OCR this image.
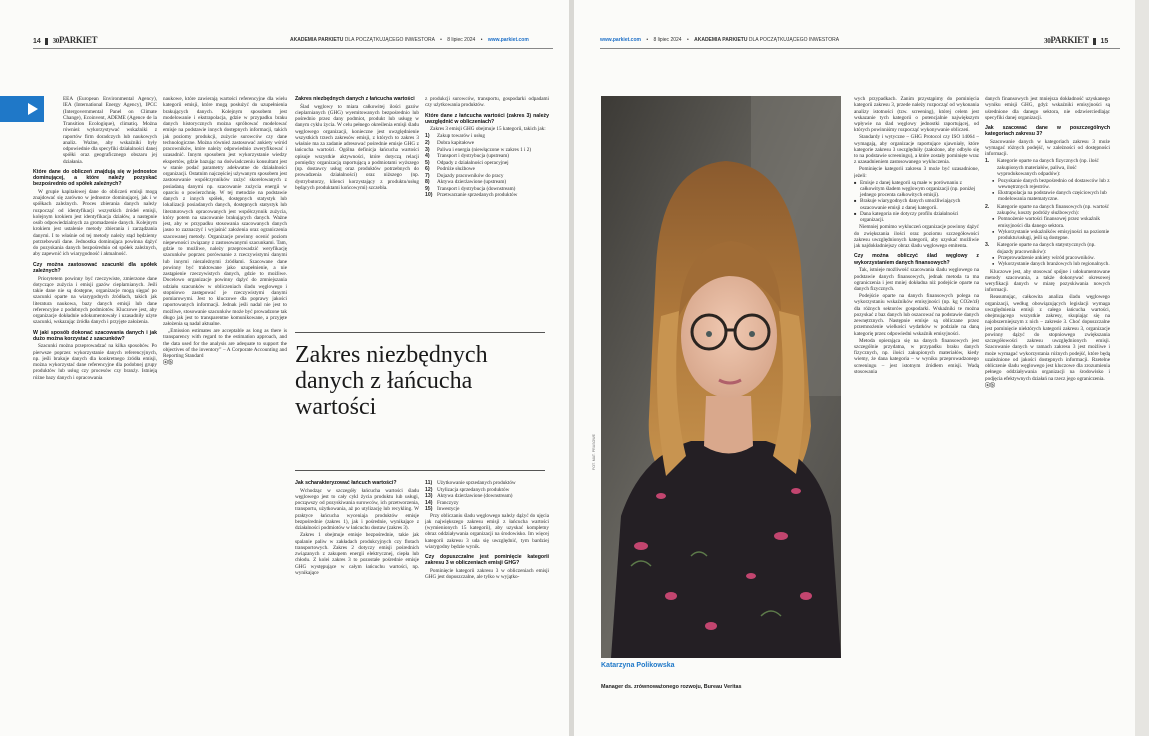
14 30PARKIET	AKADEMIA PARKIETU DLA POCZĄTKUJĄCEGO INWESTORA • 8 lipiec 2024 • www.parkiet.com

EEA (European Environmental Agency), IEA (International Energy Agency), IPCC (Intergovernmental Panel on Climate Change), Ecoinvent, ADEME (Agence de la Transition Ecologique), climatiq. Można również wykorzystywać wskaźniki z raportów firm doradczych lub naukowych analiz. Ważne, aby wskaźniki były odpowiednie dla specyfiki działalności danej spółki oraz geograficznego obszaru jej działania.

Które dane do obliczeń znajdują się w jednostce dominującej, a które należy pozyskać bezpośrednio od spółek zależnych?

W grupie kapitałowej dane do obliczeń emisji mogą znajdować się zarówno w jednostce dominującej, jak i w spółkach zależnych. Proces zbierania danych należy rozpocząć od identyfikacji wszystkich źródeł emisji, kolejnym krokiem jest identyfikacja działów, a następnie osób odpowiedzialnych za gromadzenie danych. Kolejnym krokiem jest ustalenie metody zbierania i zarządzania danymi. I to właśnie od tej metody należy stąd będziemy potrzebowali dane. Jednostka dominująca powinna dążyć do pozyskania danych bezpośrednio od spółek zależnych, aby zapewnić ich wiarygodność i aktualność.

Czy można zastosować szacunki dla spółek zależnych?

Priorytetem powinny być rzeczywiste, zmierzone dane dotyczące zużycia i emisji gazów cieplarnianych. Jeśli takie dane nie są dostępne, organizacje mogą sięgać po szacunki oparte na wiarygodnych źródłach, takich jak literatura naukowa, bazy danych emisji lub dane referencyjne z podobnych podmiotów. Kluczowe jest, aby organizacje dokładnie udokumentowały i uzasadniły użyte szacunki, wskazując źródła danych i przyjęte założenia.

W jaki sposób dokonać szacowania danych i jak dużo można korzystać z szacunków?

Szacunki można przeprowadzać na kilka sposobów. Po pierwsze poprzez wykorzystanie danych referencyjnych, np. jeśli brakuje danych dla konkretnego źródła emisji, można wykorzystać dane referencyjne dla podobnej grupy produktów lub usług czy procesów czy branży. Istnieją różne bazy danych i opracowania

naukowe, które zawierają wartości referencyjne dla wielu kategorii emisji, które mogą posłużyć do uzupełnienia brakujących danych. Kolejnym sposobem jest modelowanie i ekstrapolacja, gdzie w przypadku braku danych historycznych można spróbować modelować emisje na podstawie innych dostępnych informacji, takich jak poziomy produkcji, zużycie surowców czy dane technologiczne. Można również zastosować ankiety wśród pracowników, które należy odpowiednio zweryfikować i uzasadnić. Innym sposobem jest wykorzystanie wiedzy ekspertów, gdzie bazując na doświadczeniu konsultant jest w stanie podać parametry adekwatne do działalności organizacji. Ostatnim najczęściej używanym sposobem jest zastosowanie współczynników zużyć skorelowanych z posiadaną danymi np. szacowanie zużycia energii w oparciu o powierzchnię. W tej metodzie na podstawie danych z innych spółek, dostępnych statystyk lub lokalizacji posiadanych danych, dostępnych statystyk lub literaturowych opracowanych jest współczynnik zużycia, który potem na szacowanie brakujących danych. Ważne jest, aby w przypadku stosowania szacowanych danych jasno to zaznaczyć i wyjaśnić założenia oraz ograniczenia szacowanej metody. Organizacje powinny ocenić poziom niepewności związany z zastosowanymi szacunkami. Tam, gdzie to możliwe, należy przeprowadzić weryfikację szacunków poprzez porównanie z rzeczywistymi danymi lub innymi niezależnymi źródłami. Szacowane dane powinny być traktowane jako uzupełnienie, a nie zastąpienie rzeczywistych danych, gdzie to możliwe. Docelowo organizacje powinny dążyć do zmniejszania udziału szacunków w obliczeniach śladu węglowego i stopniowo zastępować je rzeczywistymi danymi pomiarowymi. Jest to kluczowe dla poprawy jakości raportowanych informacji. Jednak jeśli nadal nie jest to możliwe, stosowanie szacunków może być prowadzone tak długo jak jest to transparentne komunikowane, a przyjęte założenia są nadal aktualne.

„Emission estimates are acceptable as long as there is transparency with regard to the estimation approach, and the data used for the analysis are adequate to support the objectives of the inventory” – A Corporate Accounting and Reporting Standard

ⓐⓑ
Zakres niezbędnych danych z łańcucha wartości

Ślad węglowy to miara całkowitej ilości gazów cieplarnianych (GHG) wyemitowanych bezpośrednio lub pośrednio przez dany podmiot, produkt lub usługę w danym cyklu życia. W celu pełnego określenia emisji śladu węglowego organizacji, konieczne jest uwzględnienie wszystkich trzech zakresów emisji, z których to zakres 3 właśnie ma za zadanie adresować pośrednie emisje GHG z łańcucha wartości. Ogólna definicja łańcucha wartości opisuje wszystkie aktywności, które dotyczą relacji pomiędzy organizacją raportującą a podmiotami wyższego (np. dostawcy usług oraz produktów potrzebnych do prowadzenia działalności) oraz niższego (np. dystrybutorzy, klienci korzystający z produktu/usług będących produktami końcowymi) szczebla.

z produkcji surowców, transportu, gospodarki odpadami czy użytkowania produktów.

Które dane z łańcucha wartości (zakres 3) należy uwzględnić w obliczeniach?

Zakres 3 emisji GHG obejmuje 15 kategorii, takich jak:

1) Zakup towarów i usług
2) Dobra kapitałowe
3) Paliwa i energia (niewłączone w zakres 1 i 2)
4) Transport i dystrybucja (upstream)
5) Odpady z działalności operacyjnej
6) Podróże służbowe
7) Dojazdy pracowników do pracy
8) Aktywa dzierżawione (upstream)
9) Transport i dystrybucja (downstream)
10) Przetwarzanie sprzedanych produktów
Zakres niezbędnych danych z łańcucha wartości
Jak scharakteryzować łańcuch wartości?

Wchodząc w szczegóły łańcucha wartości śladu węglowego jest to cały cykl życia produktu lub usługi, począwszy od pozyskiwania surowców, ich przetworzenia, transportu, użytkowania, aż po utylizację lub recykling. W praktyce łańcucha wyceniaja produktów emisje bezpośrednie (zakres 1), jak i pośrednie, wynikające z działalności podmiotów w łańcuchu dostaw (zakres 3).

Zakres 1 obejmuje emisje bezpośrednie, takie jak spalanie paliw w zakładach produkcyjnych czy flotach transportowych. Zakres 2 dotyczy emisji pośrednich związanych z zakupem energii elektrycznej, ciepła lub chłodu. Z kolei zakres 3 to pozostałe pośrednie emisje GHG występujące w całym łańcuchu wartości, np. wynikające

11) Użytkowanie sprzedanych produktów
12) Utylizacja sprzedanych produktów
13) Aktywa dzierżawione (downstream)
14) Franczyzy
15) Inwestycje

Przy obliczaniu śladu węglowego należy dążyć do ujęcia jak największego zakresu emisji z łańcucha wartości (wymienionych 15 kategorii), aby uzyskać kompletny obraz oddziaływania organizacji na środowisko. Im więcej kategorii zakresu 3 uda się uwzględnić, tym bardziej wiarygodny będzie wynik.

Czy dopuszczalne jest pominięcie kategorii zakresu 3 w obliczeniach emisji GHG?

Pominięcie kategorii zakresu 3 w obliczeniach emisji GHG jest dopuszczalne, ale tylko w wyjątko-

www.parkiet.com • 8 lipiec 2024 • AKADEMIA PARKIETU DLA POCZĄTKUJĄCEGO INWESTORA	30PARKIET 15
FOT. MAT. PRASOWE
Katarzyna Polikowska
Manager ds. zrównoważonego rozwoju, Bureau Veritas

wych przypadkach. Zanim przystąpimy do pominięcia kategorii zakresu 3, przede należy rozpocząć od wykonania analizy istotności (tzw. screening), której celem jest wskazanie tych kategorii o potencjalnie największym wpływie na ślad węglowy jednostki raportującej, od których powinniśmy rozpocząć wykonywanie obliczeń.

Standardy i wytyczne – GHG Protocol czy ISO 14064 – wymagają, aby organizacje raportujące ujawniały, które kategorie zakresu 3 uwzględniły (założone, aby odbyło się to na podstawie screeningu), a które zostały pominięte wraz z uzasadnieniem zastosowanego wykluczenia.

Pominięcie kategorii zakresu 3 może być uzasadnione, jeżeli:

■ Emisje z danej kategorii są małe w porównaniu z całkowitym śladem węglowym organizacji (np. poniżej jednego procenta całkowitych emisji).
■ Brakuje wiarygodnych danych umożliwiających oszacowanie emisji z danej kategorii.
■ Dana kategoria nie dotyczy profilu działalności organizacji.

Niemniej pomimo wykluczeń organizacje powinny dążyć do zwiększania ilości oraz poziomu szczegółowości zakresu uwzględnionych kategorii, aby uzyskać możliwie jak najdokładniejszy obraz śladu węglowego emitenta.

Czy można obliczyć ślad węglowy z wykorzystaniem danych finansowych?

Tak, istnieje możliwość szacowania śladu węglowego na podstawie danych finansowych, jednak metoda ta ma ograniczenia i jest mniej dokładna niż podejście oparte na danych fizycznych.

Podejście oparte na danych finansowych polega na wykorzystaniu wskaźników emisyjności (np. kg CO2e/zł) dla różnych sektorów gospodarki. Wskaźniki te można pozyskać z baz danych lub oszacować na podstawie danych zewnętrznych. Następnie emisje są obliczane przez przemnożenie wielkości wydatków w podziale na daną kategorię przez odpowiedni wskaźnik emisyjności.

Metoda opierająca się na danych finansowych jest szczególnie przydatna, w przypadku braku danych fizycznych, np. ilości zakupionych materiałów, kiedy wiemy, że dana kategoria – w wyniku przeprowadzonego screeningu – jest istotnym źródłem emisji. Wadą stosowania

danych finansowych jest mniejsza dokładność uzyskanego wyniku emisji GHG, gdyż wskaźniki emisyjności są uśrednione dla danego sektora, nie odzwierciedlając specyfiki danej organizacji.

Jak szacować dane w poszczególnych kategoriach zakresu 3?

Szacowanie danych w kategoriach zakresu 3 może wymagać różnych podejść, w zależności od dostępności informacji.

1. Kategorie oparte na danych fizycznych (np. ilość zakupionych materiałów, paliwa, ilość wyprodukowanych odpadów):
● Pozyskanie danych bezpośrednio od dostawców lub z wewnętrznych rejestrów.
● Ekstrapolacja na podstawie danych częściowych lub modelowania matematyczne.
2. Kategorie oparte na danych finansowych (np. wartość zakupów, koszty podróży służbowych):
● Pomnożenie wartości finansowej przez wskaźnik emisyjności dla danego sektora.
● Wykorzystanie wskaźników emisyjności na poziomie produktu/usługi, jeśli są dostępne.
3. Kategorie oparte na danych statystycznych (np. dojazdy pracowników):
● Przeprowadzenie ankiety wśród pracowników.
● Wykorzystanie danych branżowych lub regionalnych.

Kluczowe jest, aby stosować spójne i udokumentowane metody szacowania, a także dokonywać okresowej weryfikacji danych w miarę pozyskiwania nowych informacji.

Reasumując, całkowita analiza śladu węglowego organizacji, według obowiązujących legislacji wymaga uwzględnienia emisji z całego łańcucha wartości, obejmującego wszystkie zakresy, skupiając się na najobszerniejszym z nich – zakresie 3. Choć dopuszczalne jest pominięcie niektórych kategorii zakresu 3, organizacje powinny dążyć do stopniowego zwiększania szczegółowości zakresu uwzględnionych emisji. Szacowanie danych w ramach zakresu 3 jest możliwe i może wymagać wykorzystania różnych podejść, które będą uzależnione od jakości dostępnych informacji. Rzetelne obliczenie śladu węglowego jest kluczowe dla zrozumienia pełnego oddziaływania organizacji na środowisko i podjęcia efektywnych działań na rzecz jego ograniczenia.

ⓐⓑ
